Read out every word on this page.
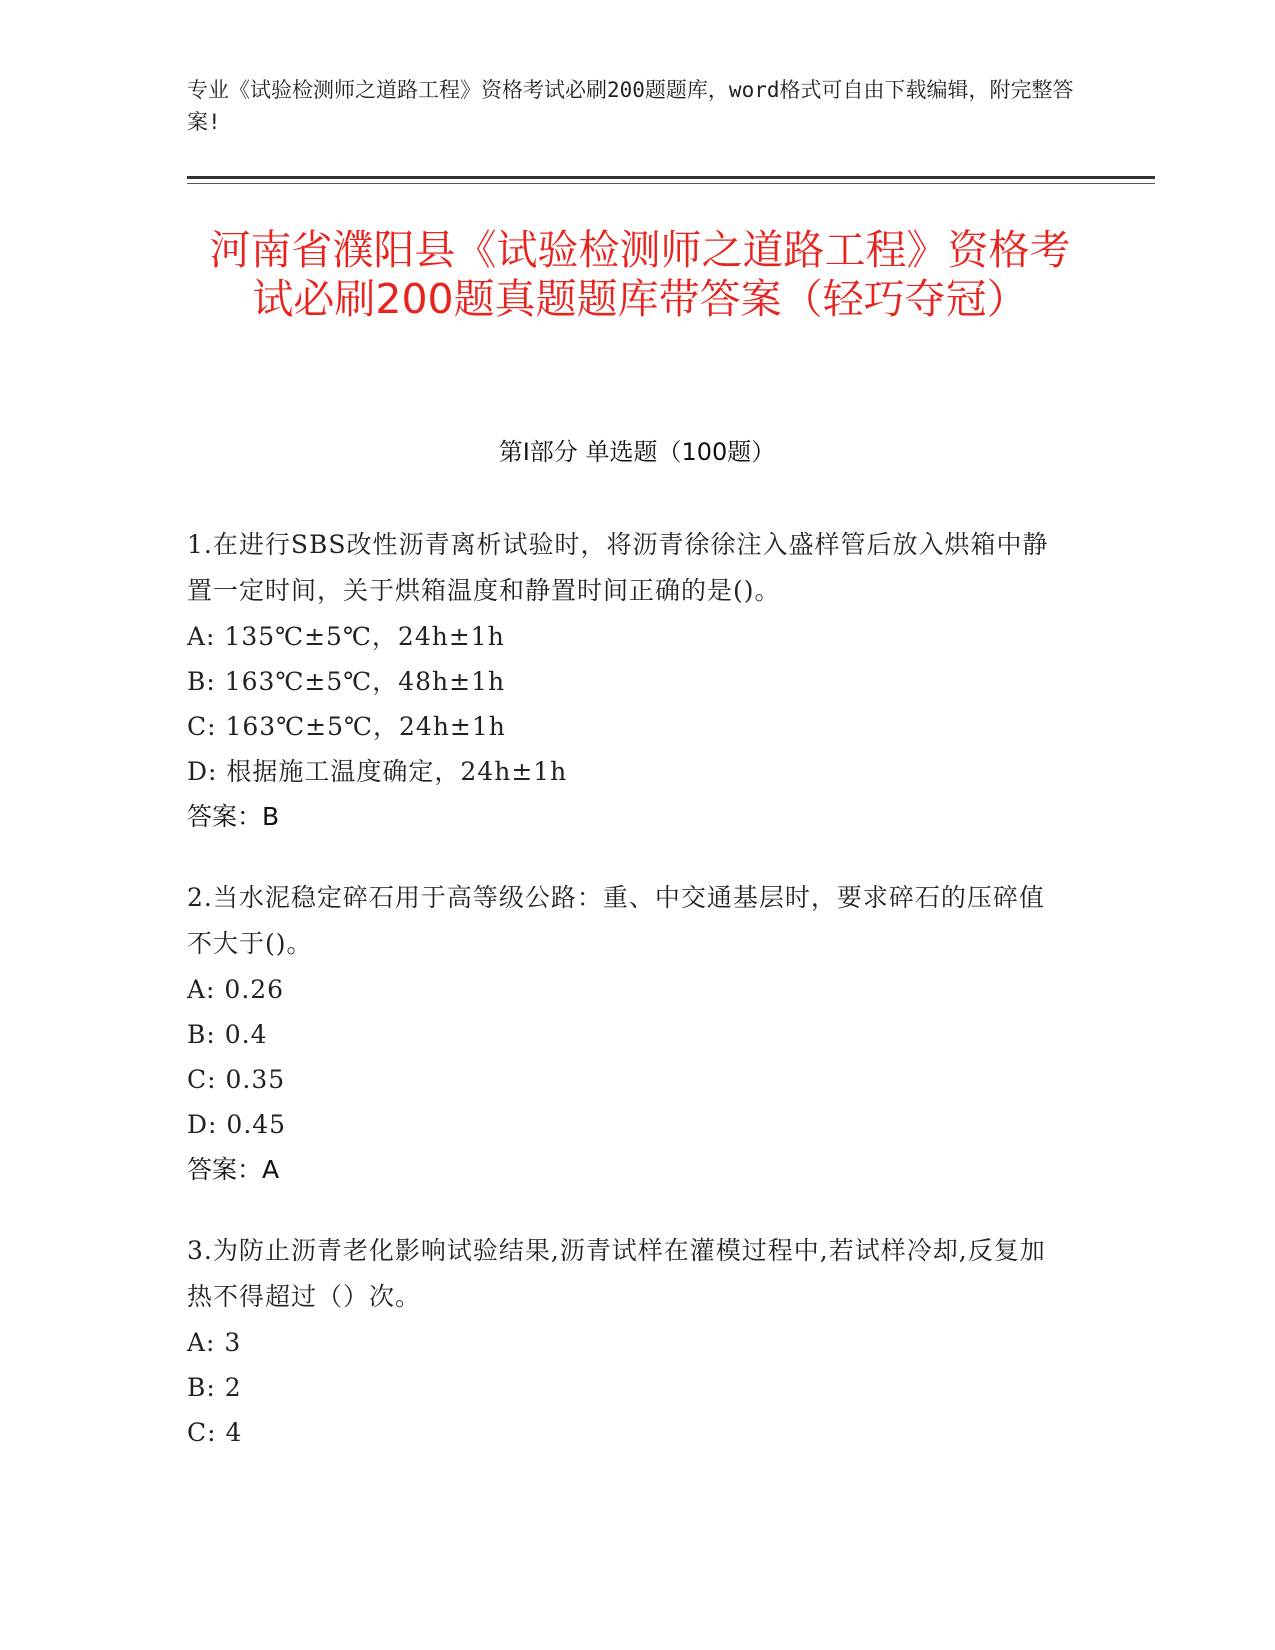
专业《试验检测师之道路工程》资格考试必刷200题题库，word格式可自由下载编辑，附完整答案!
河南省濮阳县《试验检测师之道路工程》资格考试必刷200题真题题库带答案（轻巧夺冠）
第I部分 单选题（100题）

1.在进行SBS改性沥青离析试验时，将沥青徐徐注入盛样管后放入烘箱中静置一定时间，关于烘箱温度和静置时间正确的是()。

A: 135℃±5℃，24h±1h

B: 163℃±5℃，48h±1h

C: 163℃±5℃，24h±1h

D: 根据施工温度确定，24h±1h

答案：B

2.当水泥稳定碎石用于高等级公路：重、中交通基层时，要求碎石的压碎值不大于()。

A: 0.26

B: 0.4

C: 0.35

D: 0.45

答案：A

3.为防止沥青老化影响试验结果,沥青试样在灌模过程中,若试样冷却,反复加热不得超过（）次。

A: 3

B: 2

C: 4
